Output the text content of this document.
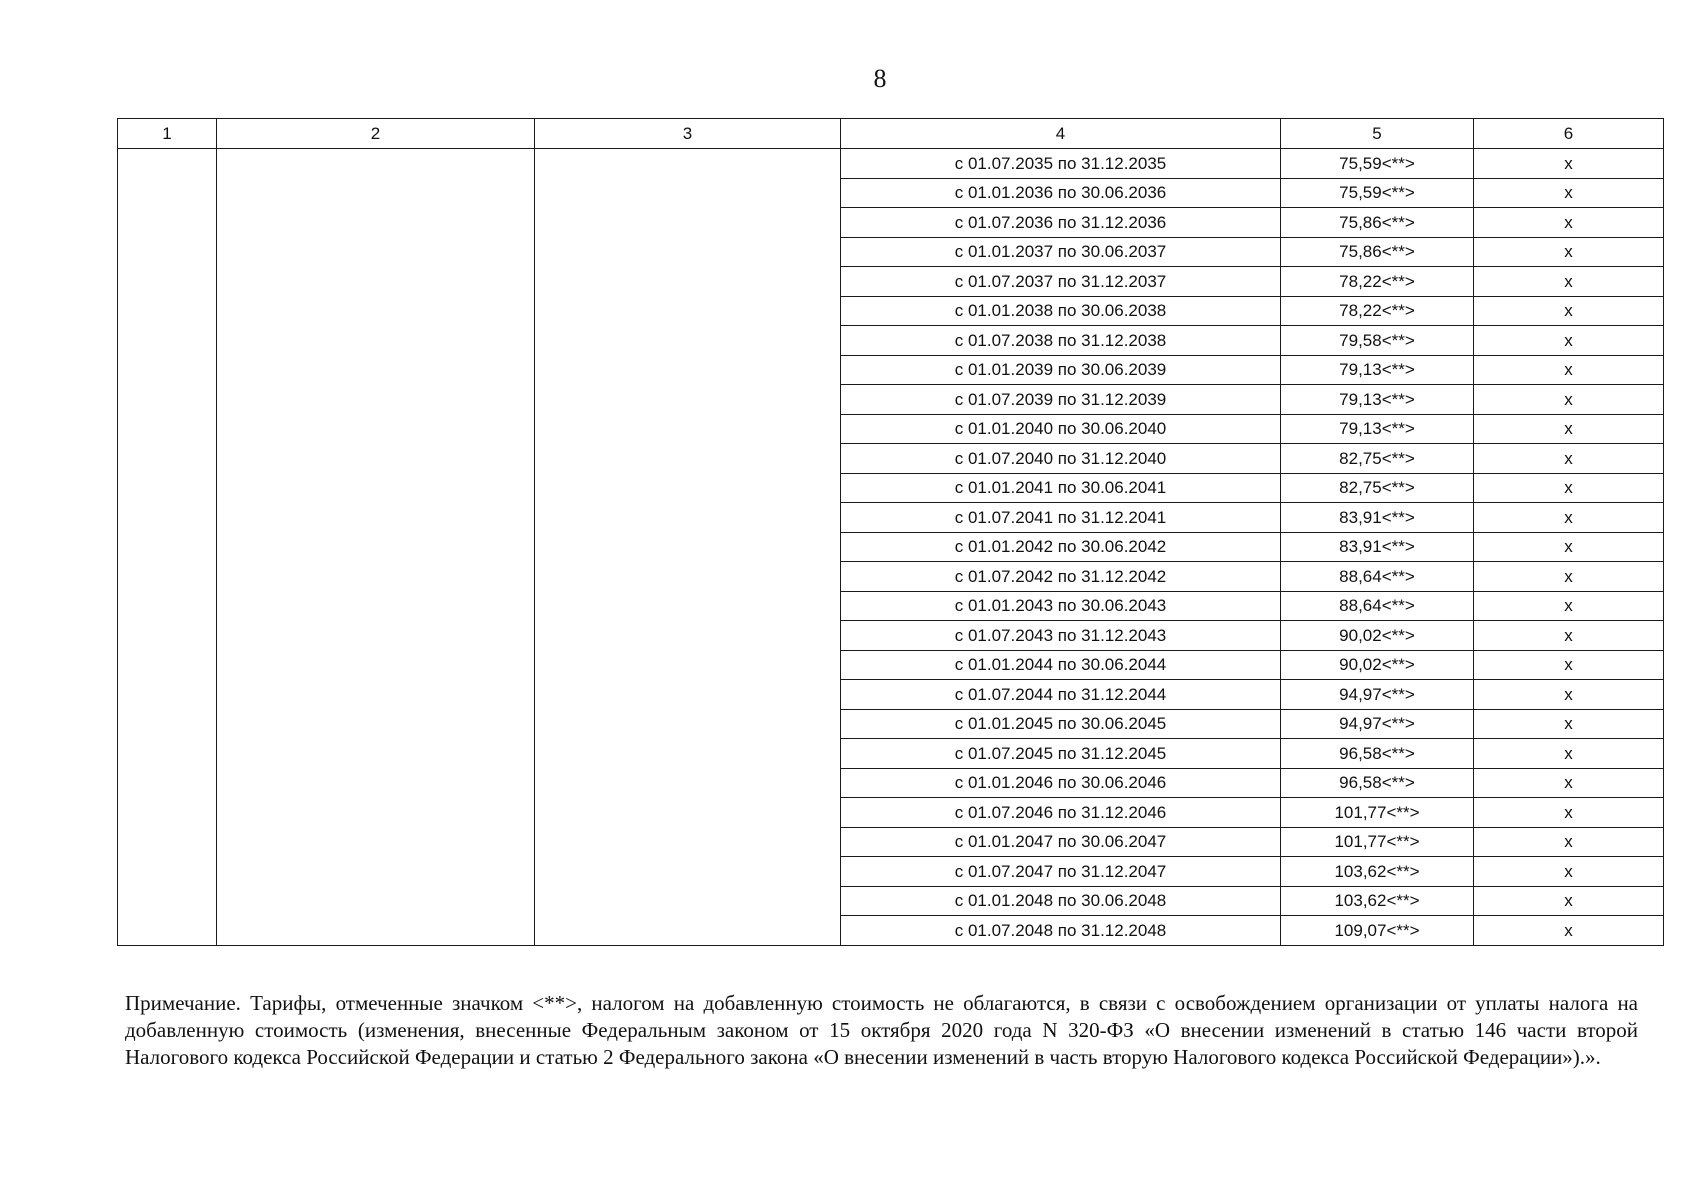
8
1	2	3	4	5	6
			с 01.07.2035 по 31.12.2035	75,59<**>	х
			с 01.01.2036 по 30.06.2036	75,59<**>	х
			с 01.07.2036 по 31.12.2036	75,86<**>	х
			с 01.01.2037 по 30.06.2037	75,86<**>	х
			с 01.07.2037 по 31.12.2037	78,22<**>	х
			с 01.01.2038 по 30.06.2038	78,22<**>	х
			с 01.07.2038 по 31.12.2038	79,58<**>	х
			с 01.01.2039 по 30.06.2039	79,13<**>	х
			с 01.07.2039 по 31.12.2039	79,13<**>	х
			с 01.01.2040 по 30.06.2040	79,13<**>	х
			с 01.07.2040 по 31.12.2040	82,75<**>	х
			с 01.01.2041 по 30.06.2041	82,75<**>	х
			с 01.07.2041 по 31.12.2041	83,91<**>	х
			с 01.01.2042 по 30.06.2042	83,91<**>	х
			с 01.07.2042 по 31.12.2042	88,64<**>	х
			с 01.01.2043 по 30.06.2043	88,64<**>	х
			с 01.07.2043 по 31.12.2043	90,02<**>	х
			с 01.01.2044 по 30.06.2044	90,02<**>	х
			с 01.07.2044 по 31.12.2044	94,97<**>	х
			с 01.01.2045 по 30.06.2045	94,97<**>	х
			с 01.07.2045 по 31.12.2045	96,58<**>	х
			с 01.01.2046 по 30.06.2046	96,58<**>	х
			с 01.07.2046 по 31.12.2046	101,77<**>	х
			с 01.01.2047 по 30.06.2047	101,77<**>	х
			с 01.07.2047 по 31.12.2047	103,62<**>	х
			с 01.01.2048 по 30.06.2048	103,62<**>	х
			с 01.07.2048 по 31.12.2048	109,07<**>	х
Примечание. Тарифы, отмеченные значком <**>, налогом на добавленную стоимость не облагаются, в связи с освобождением организации от уплаты налога на добавленную стоимость (изменения, внесенные Федеральным законом от 15 октября 2020 года N 320-ФЗ «О внесении изменений в статью 146 части второй Налогового кодекса Российской Федерации и статью 2 Федерального закона «О внесении изменений в часть вторую Налогового кодекса Российской Федерации»).».
